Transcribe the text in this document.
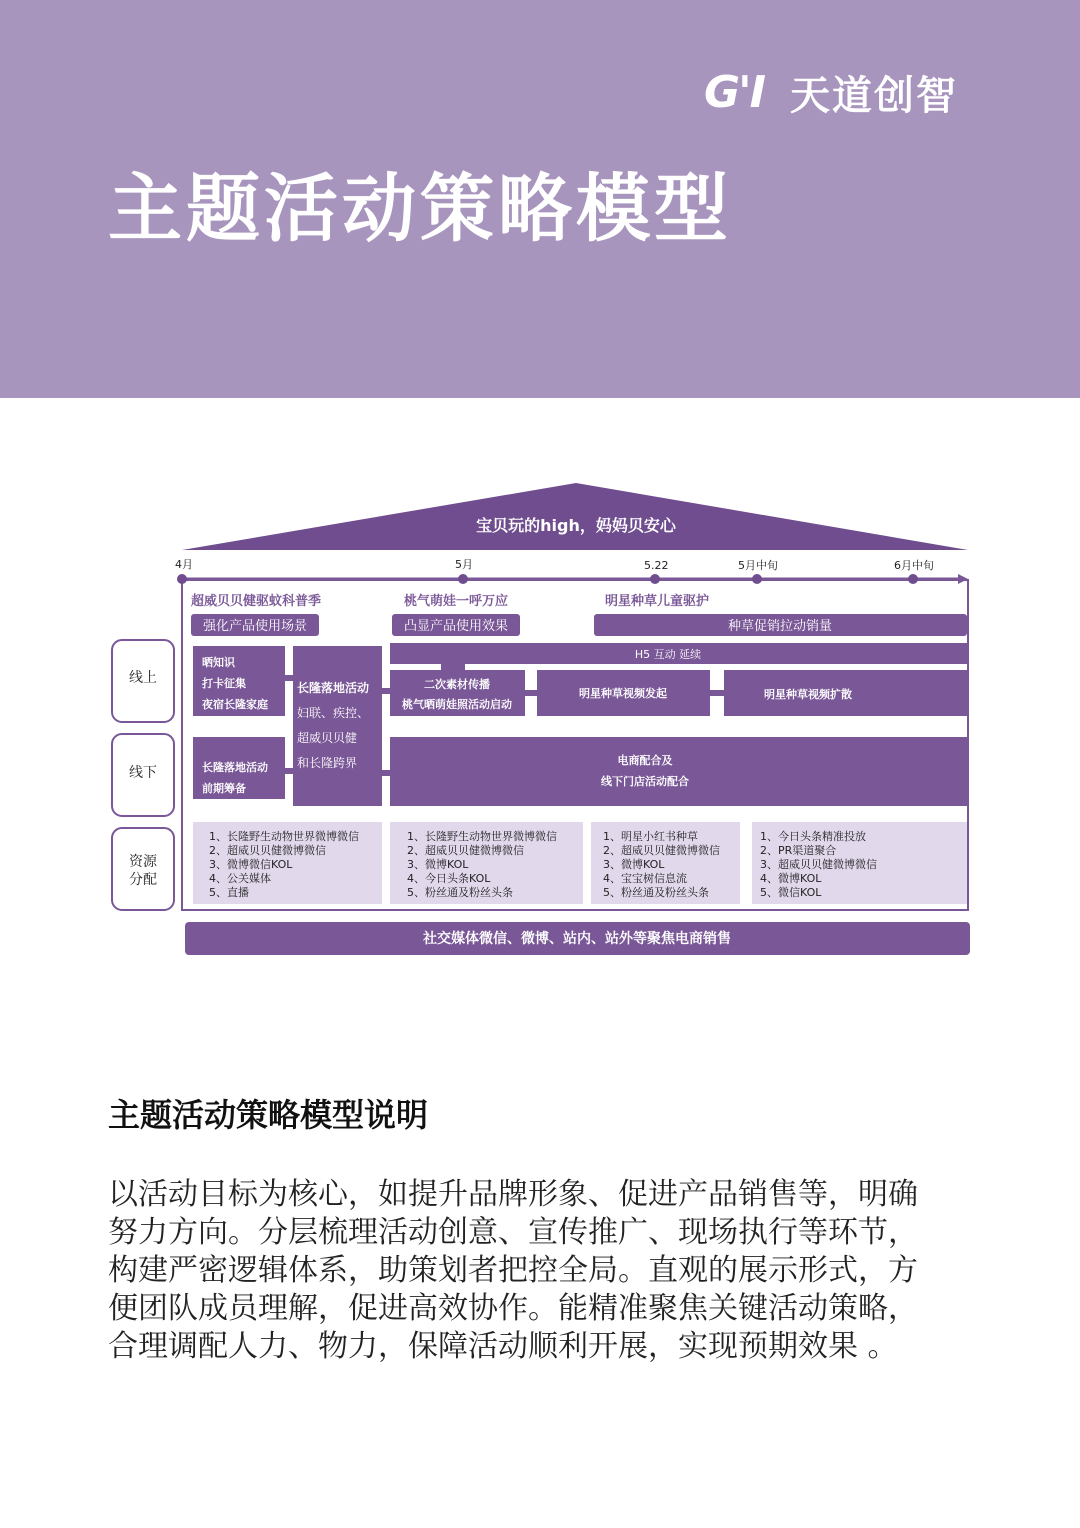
G'I 天道创智
主题活动策略模型
宝贝玩的high，妈妈贝安心
4月	5月	5.22	5月中旬	6月中旬
超威贝贝健驱蚊科普季	桃气萌娃一呼万应	明星种草儿童驱护
强化产品使用场景	凸显产品使用效果	种草促销拉动销量
线上
线下
资源分配
晒知识
打卡征集
夜宿长隆家庭
长隆落地活动
妇联、疾控、
超威贝贝健
和长隆跨界
H5 互动 延续
二次素材传播
桃气晒萌娃照活动启动
明星种草视频发起	明星种草视频扩散
长隆落地活动
前期筹备
电商配合及
线下门店活动配合
1、长隆野生动物世界微博微信
2、超威贝贝健微博微信
3、微博微信KOL
4、公关媒体
5、直播
1、长隆野生动物世界微博微信
2、超威贝贝健微博微信
3、微博KOL
4、今日头条KOL
5、粉丝通及粉丝头条
1、明星小红书种草
2、超威贝贝健微博微信
3、微博KOL
4、宝宝树信息流
5、粉丝通及粉丝头条
1、今日头条精准投放
2、PR渠道聚合
3、超威贝贝健微博微信
4、微博KOL
5、微信KOL
社交媒体微信、微博、站内、站外等聚焦电商销售
主题活动策略模型说明

以活动目标为核心，如提升品牌形象、促进产品销售等，明确

努力方向。分层梳理活动创意、宣传推广、现场执行等环节，

构建严密逻辑体系，助策划者把控全局。直观的展示形式，方

便团队成员理解，促进高效协作。能精准聚焦关键活动策略，

合理调配人力、物力，保障活动顺利开展，实现预期效果 。
